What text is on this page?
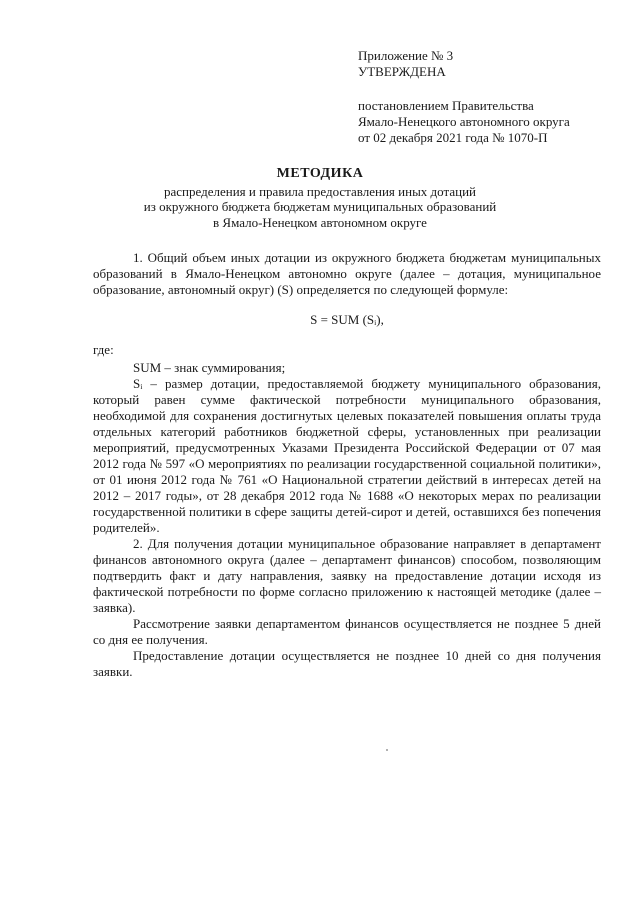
Приложение № 3
УТВЕРЖДЕНА
постановлением Правительства
Ямало-Ненецкого автономного округа
от 02 декабря 2021 года № 1070-П
МЕТОДИКА
распределения и правила предоставления иных дотаций
из окружного бюджета бюджетам муниципальных образований
в Ямало-Ненецком автономном округе

1. Общий объем иных дотации из окружного бюджета бюджетам муниципальных образований в Ямало-Ненецком автономно округе (далее – дотация, муниципальное образование, автономный округ) (S) определяется по следующей формуле:

S = SUM (Sᵢ),

где:

SUM – знак суммирования;

Sᵢ – размер дотации, предоставляемой бюджету муниципального образования, который равен сумме фактической потребности муниципального образования, необходимой для сохранения достигнутых целевых показателей повышения оплаты труда отдельных категорий работников бюджетной сферы, установленных при реализации мероприятий, предусмотренных Указами Президента Российской Федерации от 07 мая 2012 года № 597 «О мероприятиях по реализации государственной социальной политики», от 01 июня 2012 года № 761 «О Национальной стратегии действий в интересах детей на 2012 – 2017 годы», от 28 декабря 2012 года № 1688 «О некоторых мерах по реализации государственной политики в сфере защиты детей-сирот и детей, оставшихся без попечения родителей».

2. Для получения дотации муниципальное образование направляет в департамент финансов автономного округа (далее – департамент финансов) способом, позволяющим подтвердить факт и дату направления, заявку на предоставление дотации исходя из фактической потребности по форме согласно приложению к настоящей методике (далее – заявка).

Рассмотрение заявки департаментом финансов осуществляется не позднее 5 дней со дня ее получения.

Предоставление дотации осуществляется не позднее 10 дней со дня получения заявки.
